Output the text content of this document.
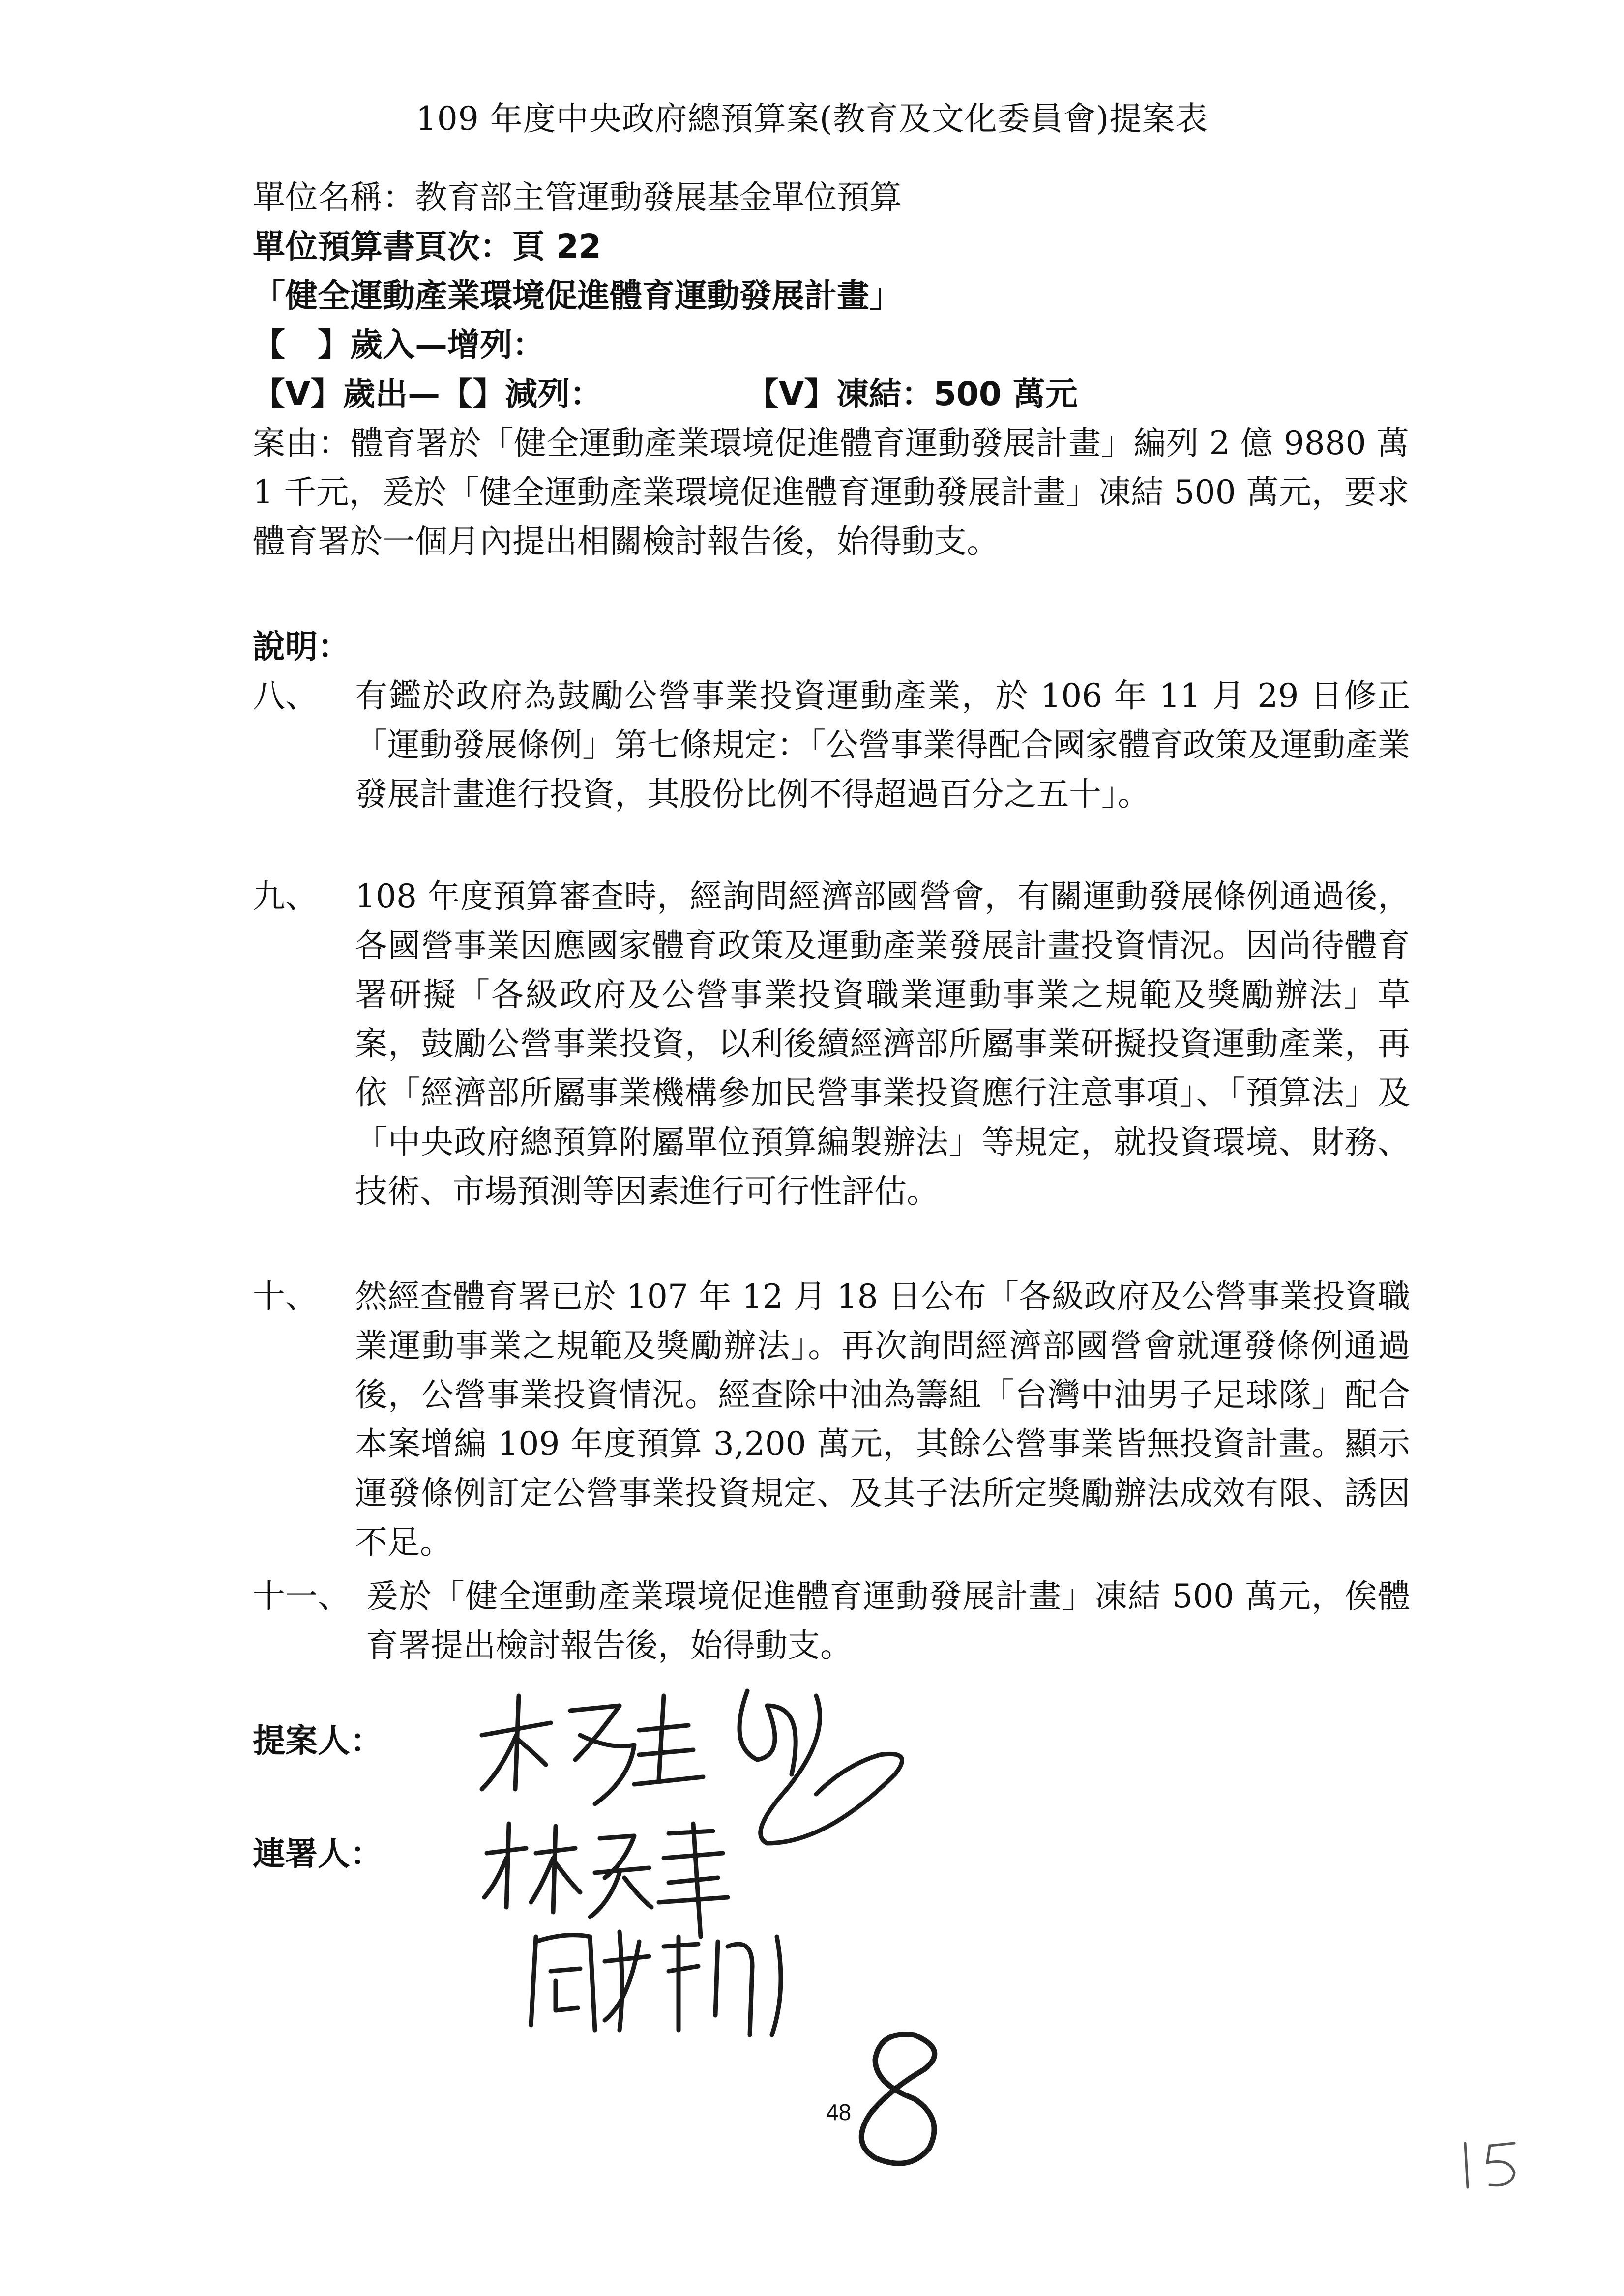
109 年度中央政府總預算案(教育及文化委員會)提案表
單位名稱：教育部主管運動發展基金單位預算
單位預算書頁次：頁 22
「健全運動產業環境促進體育運動發展計畫」
【　】歲入—增列：
【V】歲出—【】減列：	【V】凍結：500 萬元
案由：體育署於「健全運動產業環境促進體育運動發展計畫」編列 2 億 9880 萬 1 千元，爰於「健全運動產業環境促進體育運動發展計畫」凍結 500 萬元，要求體育署於一個月內提出相關檢討報告後，始得動支。
說明：
八、 有鑑於政府為鼓勵公營事業投資運動產業，於 106 年 11 月 29 日修正「運動發展條例」第七條規定：「公營事業得配合國家體育政策及運動產業發展計畫進行投資，其股份比例不得超過百分之五十」。
九、 108 年度預算審查時，經詢問經濟部國營會，有關運動發展條例通過後，各國營事業因應國家體育政策及運動產業發展計畫投資情況。因尚待體育署研擬「各級政府及公營事業投資職業運動事業之規範及獎勵辦法」草案，鼓勵公營事業投資，以利後續經濟部所屬事業研擬投資運動產業，再依「經濟部所屬事業機構參加民營事業投資應行注意事項」、「預算法」及「中央政府總預算附屬單位預算編製辦法」等規定，就投資環境、財務、技術、市場預測等因素進行可行性評估。
十、 然經查體育署已於 107 年 12 月 18 日公布「各級政府及公營事業投資職業運動事業之規範及獎勵辦法」。再次詢問經濟部國營會就運發條例通過後，公營事業投資情況。經查除中油為籌組「台灣中油男子足球隊」配合本案增編 109 年度預算 3,200 萬元，其餘公營事業皆無投資計畫。顯示運發條例訂定公營事業投資規定、及其子法所定獎勵辦法成效有限、誘因不足。
十一、 爰於「健全運動產業環境促進體育運動發展計畫」凍結 500 萬元，俟體育署提出檢討報告後，始得動支。
提案人：
連署人：
48
